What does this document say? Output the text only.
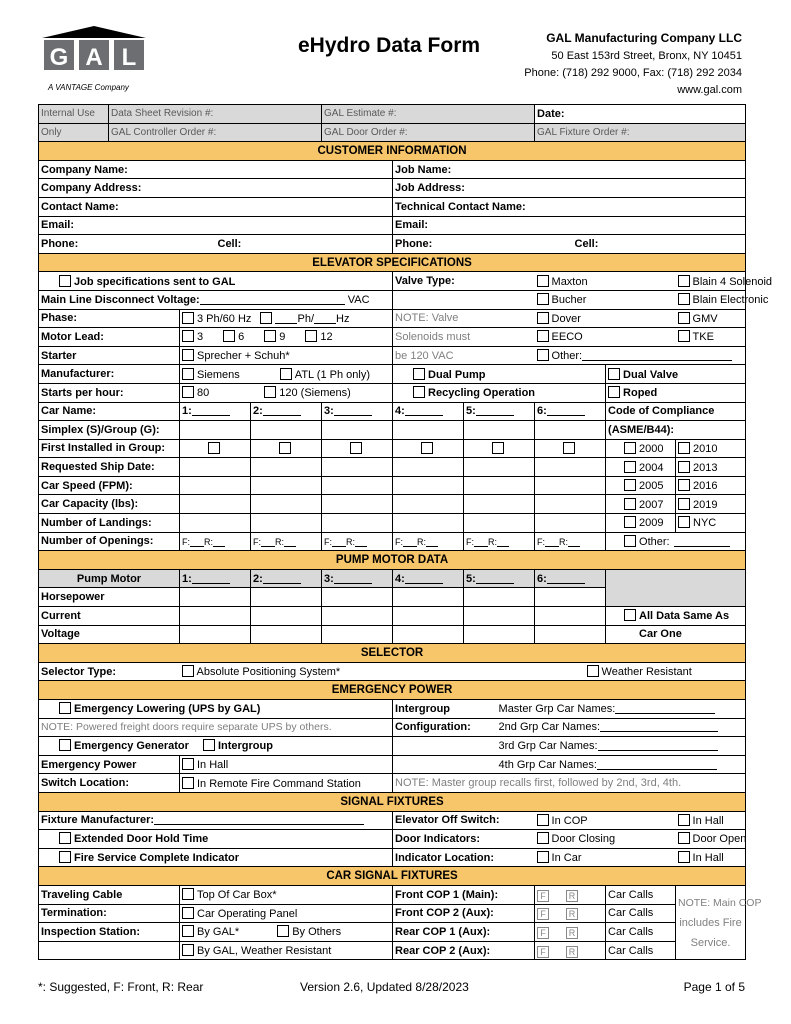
G A L
A VANTAGE Company
eHydro Data Form	GAL Manufacturing Company LLC
50 East 153rd Street, Bronx, NY 10451
Phone: (718) 292 9000, Fax: (718) 292 2034
www.gal.com
Internal Use	Data Sheet Revision #:			GAL Estimate #:			Date:		
Only	GAL Controller Order #:			GAL Door Order #:			GAL Fixture Order #:		
CUSTOMER INFORMATION									
Company Name:					Job Name:				
Company Address:					Job Address:				
Contact Name:					Technical Contact Name:				
Email:					Email:				
Phone:		Cell:			Phone:		Cell:		
ELEVATOR SPECIFICATIONS									
Job specifications sent to GAL					Valve Type:		Maxton		Blain 4 Solenoid
Main Line Disconnect Voltage: VAC							Bucher		Blain Electronic
Phase:		3 Ph/60 Hz Ph/ Hz			NOTE: Valve		Dover		GMV
Motor Lead:		3 6 9 12			Solenoids must		EECO		TKE
Starter		Sprecher + Schuh*			be 120 VAC		Other:		
Manufacturer:		Siemens ATL (1 Ph only)			Dual Pump			Dual Valve	
Starts per hour:		80 120 (Siemens)			Recycling Operation			Roped	
Car Name:		1:	2:	3:	4:	5:	6:	Code of Compliance	
Simplex (S)/Group (G):								(ASME/B44):	
First Installed in Group:								2000	2010
Requested Ship Date:								2004	2013
Car Speed (FPM):								2005	2016
Car Capacity (lbs):								2007	2019
Number of Landings:								2009	NYC
Number of Openings:		F: R:	F: R:	F: R:	F: R:	F: R:	F: R:	Other:	
PUMP MOTOR DATA									
Pump Motor		1:	2:	3:	4:	5:	6:		
Horsepower									
Current								All Data Same As	
Voltage								Car One	
SELECTOR									
Selector Type:		Absolute Positioning System*					Weather Resistant		
EMERGENCY POWER									
Emergency Lowering (UPS by GAL)					Intergroup		Master Grp Car Names:		
NOTE: Powered freight doors require separate UPS by others.					Configuration:		2nd Grp Car Names:		
Emergency Generator Intergroup							3rd Grp Car Names:		
Emergency Power		In Hall					4th Grp Car Names:		
Switch Location:		In Remote Fire Command Station			NOTE: Master group recalls first, followed by 2nd, 3rd, 4th.				
SIGNAL FIXTURES									
Fixture Manufacturer:					Elevator Off Switch:		In COP		In Hall
Extended Door Hold Time					Door Indicators:		Door Closing		Door Open
Fire Service Complete Indicator					Indicator Location:		In Car		In Hall
CAR SIGNAL FIXTURES									
Traveling Cable		Top Of Car Box*			Front COP 1 (Main):		F R	Car Calls	NOTE: Main COP
includes Fire
Service.

Termination:		Car Operating Panel			Front COP 2 (Aux):		F R	Car Calls	
Inspection Station:		By GAL* By Others			Rear COP 1 (Aux):		F R	Car Calls	
		By GAL, Weather Resistant			Rear COP 2 (Aux):		F R	Car Calls	
*: Suggested, F: Front, R: Rear	Version 2.6, Updated 8/28/2023	Page 1 of 5
